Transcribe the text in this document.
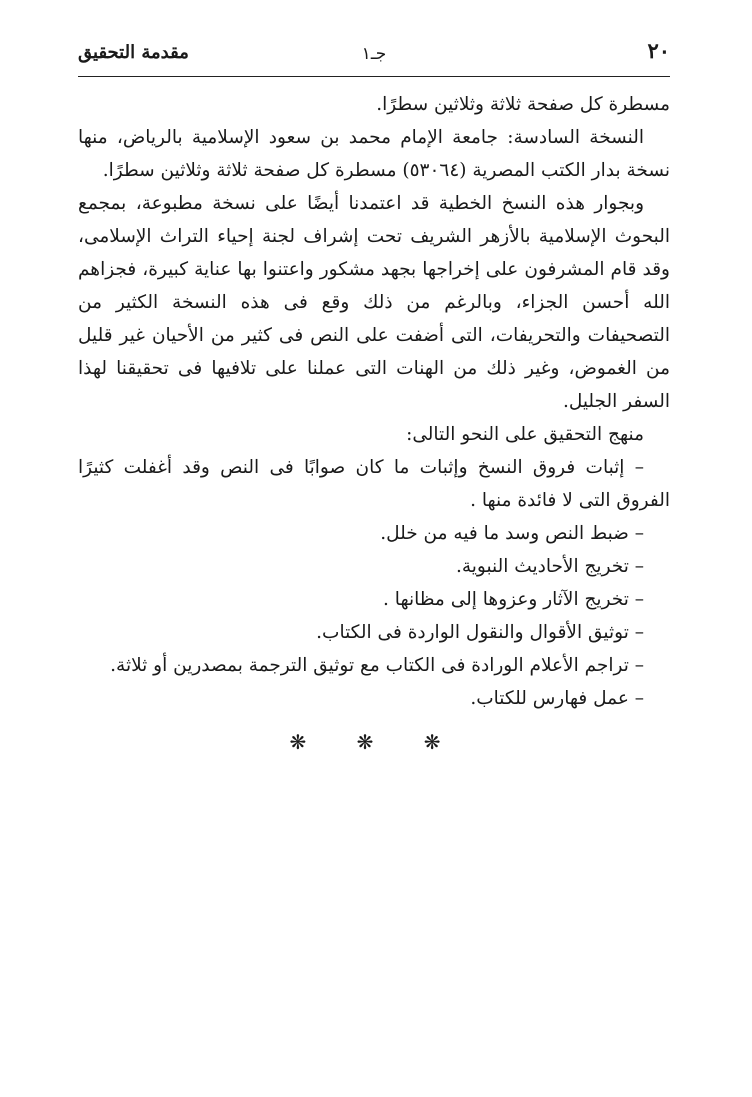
٢٠
جـ١
مقدمة التحقيق

مسطرة كل صفحة ثلاثة وثلاثين سطرًا.

النسخة السادسة: جامعة الإمام محمد بن سعود الإسلامية بالرياض، منها نسخة بدار الكتب المصرية (٥٣٠٦٤) مسطرة كل صفحة ثلاثة وثلاثين سطرًا.

وبجوار هذه النسخ الخطية قد اعتمدنا أيضًا على نسخة مطبوعة، بمجمع البحوث الإسلامية بالأزهر الشريف تحت إشراف لجنة إحياء التراث الإسلامى، وقد قام المشرفون على إخراجها بجهد مشكور واعتنوا بها عناية كبيرة، فجزاهم الله أحسن الجزاء، وبالرغم من ذلك وقع فى هذه النسخة الكثير من التصحيفات والتحريفات، التى أضفت على النص فى كثير من الأحيان غير قليل من الغموض، وغير ذلك من الهنات التى عملنا على تلافيها فى تحقيقنا لهذا السفر الجليل.

منهج التحقيق على النحو التالى:

– إثبات فروق النسخ وإثبات ما كان صوابًا فى النص وقد أغفلت كثيرًا الفروق التى لا فائدة منها .

– ضبط النص وسد ما فيه من خلل.
– تخريج الأحاديث النبوية.
– تخريج الآثار وعزوها إلى مظانها .
– توثيق الأقوال والنقول الواردة فى الكتاب.
– تراجم الأعلام الورادة فى الكتاب مع توثيق الترجمة بمصدرين أو ثلاثة.
– عمل فهارس للكتاب.
❋ ❋ ❋
